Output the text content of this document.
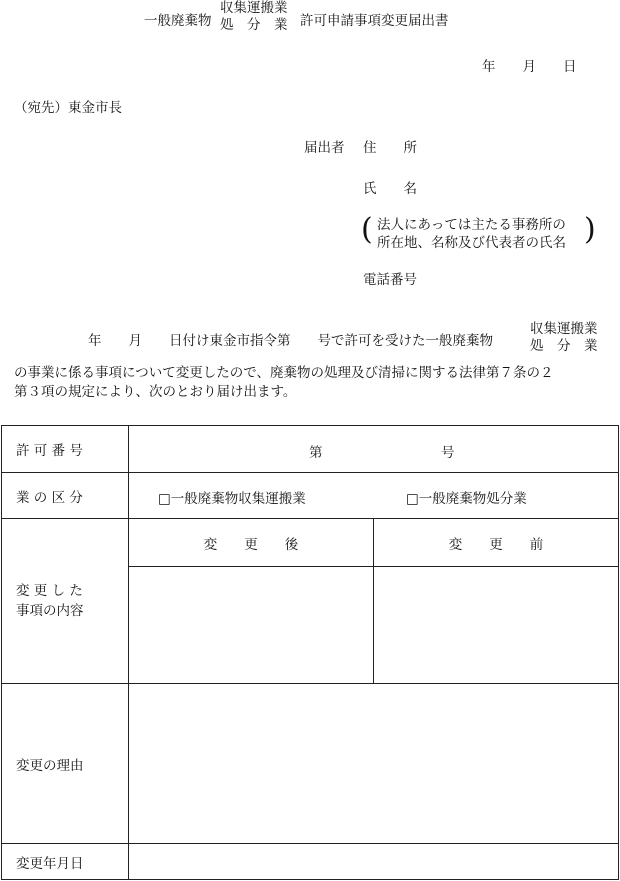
一般廃棄物
収集運搬業
処　分　業 許可申請事項変更届出書
年　　月　　日
（宛先）東金市長
届出者 住　　所
氏　　名
( 法人にあっては主たる事務所の
所在地、名称及び代表者の氏名 )
電話番号
年　　月　　日付け東金市指令第　　号で許可を受けた一般廃棄物
収集運搬業
処　分　業
の事業に係る事項について変更したので、廃棄物の処理及び清掃に関する法律第７条の２
第３項の規定により、次のとおり届け出ます。
許 可 番 号	第 号	

業 の 区 分	□一般廃棄物収集運搬業 □一般廃棄物処分業	

変 更 し た
事項の内容	変　　更　　後	変　　更　　前

変更の理由		
変更年月日		
